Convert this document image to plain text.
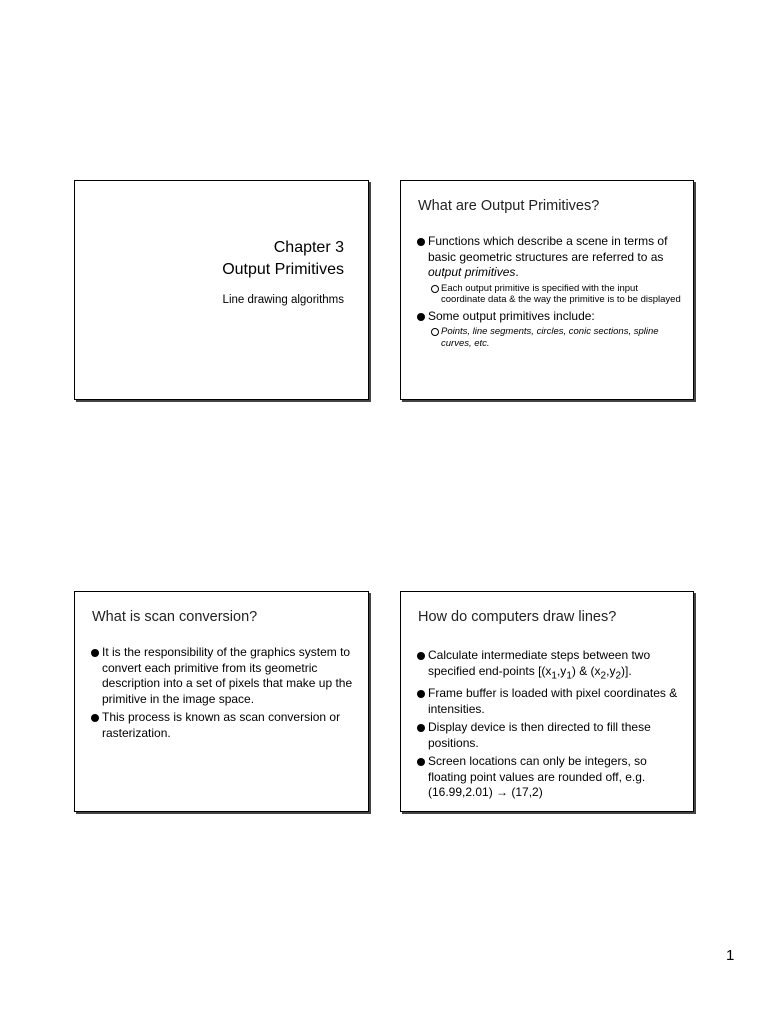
Chapter 3
Output Primitives
Line drawing algorithms
What are Output Primitives?
Functions which describe a scene in terms of basic geometric structures are referred to as output primitives.
Each output primitive is specified with the input coordinate data & the way the primitive is to be displayed
Some output primitives include:
Points, line segments, circles, conic sections, spline curves, etc.
What is scan conversion?
It is the responsibility of the graphics system to convert each primitive from its geometric description into a set of pixels that make up the primitive in the image space.
This process is known as scan conversion or rasterization.
How do computers draw lines?
Calculate intermediate steps between two specified end-points [$(x_1,y_1)$ & $(x_2,y_2)$].
Frame buffer is loaded with pixel coordinates & intensities.
Display device is then directed to fill these positions.
Screen locations can only be integers, so floating point values are rounded off, e.g. (16.99,2.01) → (17,2)
1
